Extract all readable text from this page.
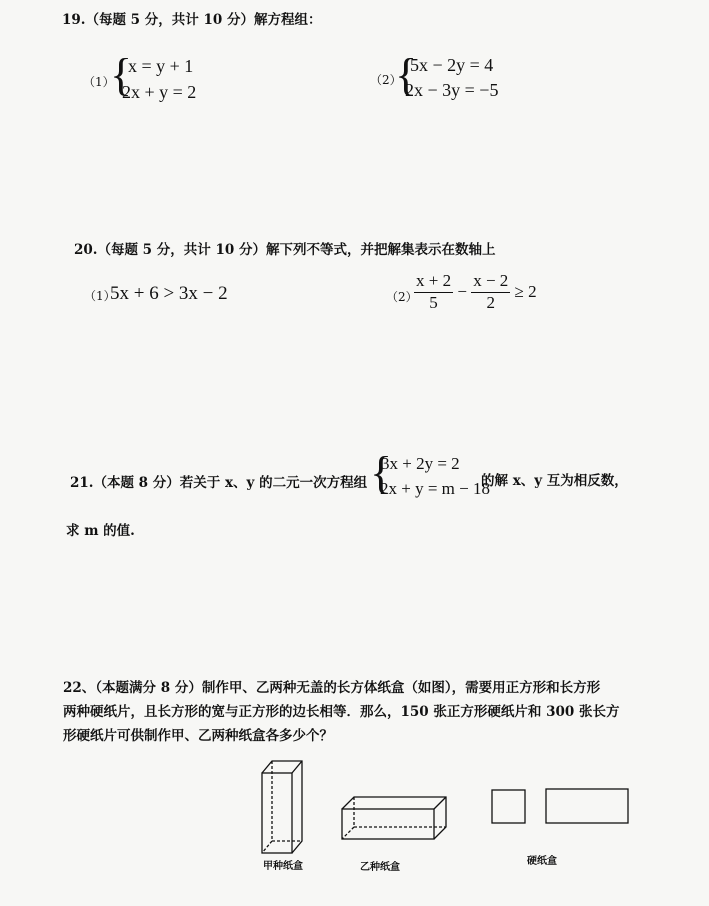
19.（每题 5 分，共计 10 分）解方程组：
（1）
{
x = y + 1
2x + y = 2
（2）
{
5x − 2y = 4
2x − 3y = −5
20.（每题 5 分，共计 10 分）解下列不等式，并把解集表示在数轴上
（1）
5x + 6 > 3x − 2	（2）
$\frac{x + 2}{5} - \frac{x - 2}{2} \ge 2$
21.（本题 8 分）若关于 x、y 的二元一次方程组 {
3x + 2y = 2
2x + y = m − 18
的解 x、y 互为相反数，
求 m 的值.
22、（本题满分 8 分）制作甲、乙两种无盖的长方体纸盒（如图），需要用正方形和长方形
两种硬纸片，且长方形的宽与正方形的边长相等．那么，150 张正方形硬纸片和 300 张长方
形硬纸片可供制作甲、乙两种纸盒各多少个？
甲种纸盒	乙种纸盒
硬纸盒
